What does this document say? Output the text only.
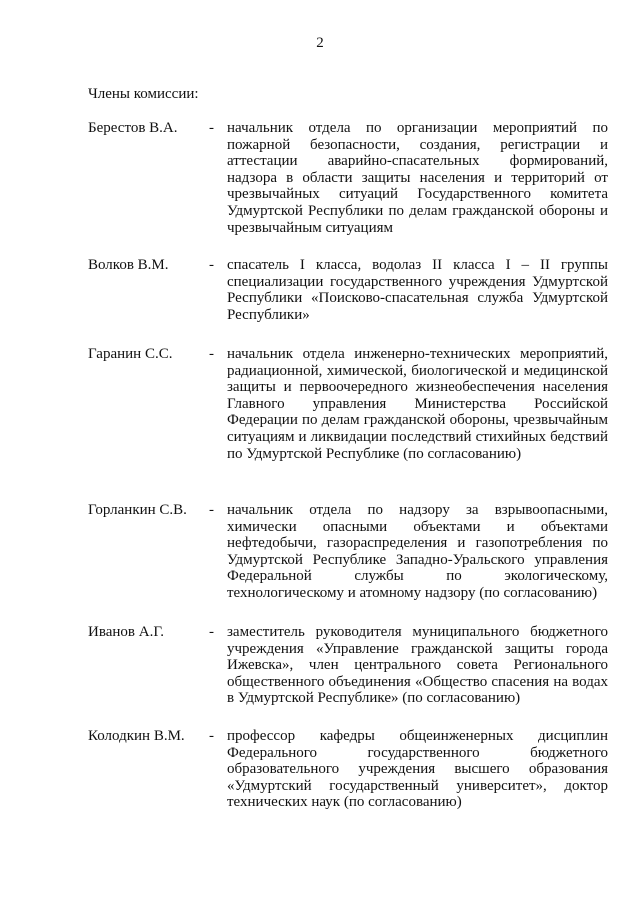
2
Члены комиссии:
Берестов В.А. - начальник отдела по организации мероприятий по пожарной безопасности, создания, регистрации и аттестации аварийно-спасательных формирований, надзора в области защиты населения и территорий от чрезвычайных ситуаций Государственного комитета Удмуртской Республики по делам гражданской обороны и чрезвычайным ситуациям
Волков В.М.	- спасатель I класса, водолаз II класса I – II группы специализации государственного учреждения Удмуртской Республики «Поисково-спасательная служба Удмуртской Республики»
Гаранин С.С. - начальник отдела инженерно-технических мероприятий, радиационной, химической, биологической и медицинской защиты и первоочередного жизнеобеспечения населения Главного управления Министерства Российской Федерации по делам гражданской обороны, чрезвычайным ситуациям и ликвидации последствий стихийных бедствий по Удмуртской Республике (по согласованию)
Горланкин С.В. - начальник отдела по надзору за взрывоопасными, химически опасными объектами и объектами нефтедобычи, газораспределения и газопотребления по Удмуртской Республике Западно-Уральского управления Федеральной службы по экологическому, технологическому и атомному надзору (по согласованию)
Иванов А.Г.	- заместитель руководителя муниципального бюджетного учреждения «Управление гражданской защиты города Ижевска», член центрального совета Регионального общественного объединения «Общество спасения на водах в Удмуртской Республике» (по согласованию)
Колодкин В.М. - профессор кафедры общеинженерных дисциплин Федерального государственного бюджетного образовательного учреждения высшего образования «Удмуртский государственный университет», доктор технических наук (по согласованию)
